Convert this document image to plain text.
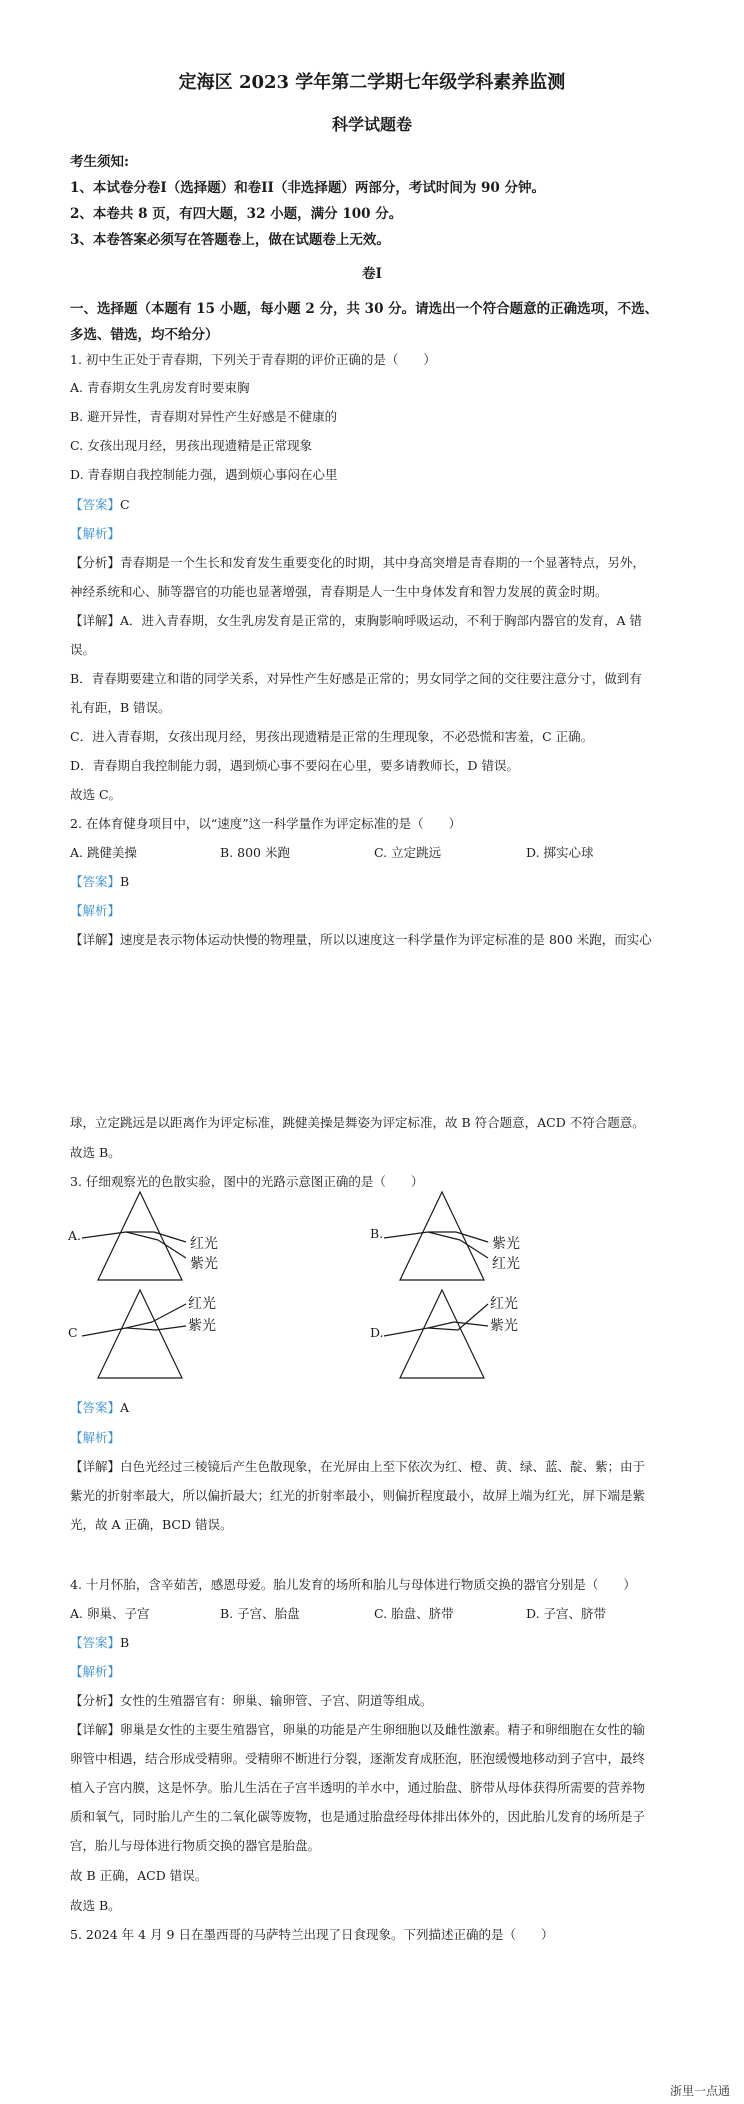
定海区 2023 学年第二学期七年级学科素养监测
科学试题卷
考生须知:
1、本试卷分卷I（选择题）和卷II（非选择题）两部分，考试时间为 90 分钟。
2、本卷共 8 页，有四大题，32 小题，满分 100 分。
3、本卷答案必须写在答题卷上，做在试题卷上无效。
卷I
一、选择题（本题有 15 小题，每小题 2 分，共 30 分。请选出一个符合题意的正确选项，不选、
多选、错选，均不给分）
1. 初中生正处于青春期，下列关于青春期的评价正确的是（　　）
A. 青春期女生乳房发育时要束胸
B. 避开异性，青春期对异性产生好感是不健康的
C. 女孩出现月经，男孩出现遗精是正常现象
D. 青春期自我控制能力强，遇到烦心事闷在心里
【答案】C
【解析】
【分析】青春期是一个生长和发育发生重要变化的时期，其中身高突增是青春期的一个显著特点，另外，
神经系统和心、肺等器官的功能也显著增强，青春期是人一生中身体发育和智力发展的黄金时期。
【详解】A．进入青春期，女生乳房发育是正常的，束胸影响呼吸运动，不利于胸部内器官的发育，A 错
误。
B．青春期要建立和谐的同学关系，对异性产生好感是正常的；男女同学之间的交往要注意分寸，做到有
礼有距，B 错误。
C．进入青春期，女孩出现月经，男孩出现遗精是正常的生理现象，不必恐慌和害羞，C 正确。
D．青春期自我控制能力弱，遇到烦心事不要闷在心里，要多请教师长，D 错误。
故选 C。
2. 在体育健身项目中，以“速度”这一科学量作为评定标准的是（　　）
A. 跳健美操	B. 800 米跑	C. 立定跳远	D. 掷实心球
【答案】B
【解析】
【详解】速度是表示物体运动快慢的物理量，所以以速度这一科学量作为评定标准的是 800 米跑，而实心
球，立定跳远是以距离作为评定标准，跳健美操是舞姿为评定标准，故 B 符合题意，ACD 不符合题意。
故选 B。
3. 仔细观察光的色散实验，图中的光路示意图正确的是（　　）
A.
红光
紫光
B.
紫光
红光
C
红光
紫光	D.
红光
紫光
【答案】A
【解析】
【详解】白色光经过三棱镜后产生色散现象，在光屏由上至下依次为红、橙、黄、绿、蓝、靛、紫；由于
紫光的折射率最大，所以偏折最大；红光的折射率最小，则偏折程度最小，故屏上端为红光，屏下端是紫
光，故 A 正确，BCD 错误。
4. 十月怀胎，含辛茹苦，感恩母爱。胎儿发育的场所和胎儿与母体进行物质交换的器官分别是（　　）
A. 卵巢、子宫	B. 子宫、胎盘	C. 胎盘、脐带	D. 子宫、脐带
【答案】B
【解析】
【分析】女性的生殖器官有：卵巢、输卵管、子宫、阴道等组成。
【详解】卵巢是女性的主要生殖器官，卵巢的功能是产生卵细胞以及雌性激素。精子和卵细胞在女性的输
卵管中相遇，结合形成受精卵。受精卵不断进行分裂，逐渐发育成胚泡，胚泡缓慢地移动到子宫中，最终
植入子宫内膜，这是怀孕。胎儿生活在子宫半透明的羊水中，通过胎盘、脐带从母体获得所需要的营养物
质和氧气，同时胎儿产生的二氧化碳等废物，也是通过胎盘经母体排出体外的，因此胎儿发育的场所是子
宫，胎儿与母体进行物质交换的器官是胎盘。
故 B 正确，ACD 错误。
故选 B。
5. 2024 年 4 月 9 日在墨西哥的马萨特兰出现了日食现象。下列描述正确的是（　　）
浙里一点通
